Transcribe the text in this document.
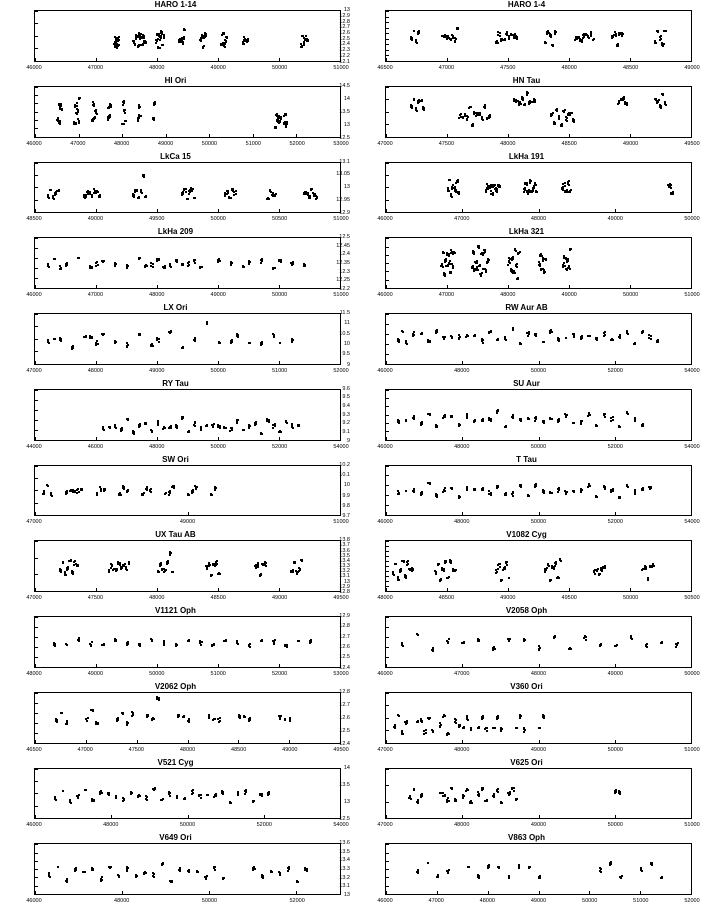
HARO 1-14
46000	47000	48000	49000	50000	51000
HARO 1-4
12.1
12.2
12.3
12.4
12.5
12.6
12.7
12.8
12.9
13
46500	47000	47500	48000	48500	49000
HI Ori
46000	47000	48000	49000	50000	51000	52000	53000
HN Tau
12.5
13
13.5
14
14.5
47000	47500	48000	48500	49000	49500
LkCa 15
48500	49000	49500	50000	50500	51000
LkHa 191
12.9
12.95
13
13.05
13.1
46000	47000	48000	49000	50000
LkHa 209
46000	47000	48000	49000	50000	51000
LkHa 321
12.2
12.25
12.3
12.35
12.4
12.45
12.5
46000	47000	48000	49000	50000	51000
LX Ori
47000	48000	49000	50000	51000	52000
RW Aur AB
9
9.5
10
10.5
11
11.5
46000	48000	50000	52000	54000
RY Tau
44000	46000	48000	50000	52000	54000
SU Aur
9
9.1
9.2
9.3
9.4
9.5
9.6
46000	48000	50000	52000	54000
SW Ori
47000	49000	51000
T Tau
9.7
9.8
9.9
10
10.1
10.2
46000	48000	50000	52000	54000
UX Tau AB
47000	47500	48000	48500	49000	49500
V1082 Cyg
12.8
12.9
13
13.1
13.2
13.3
13.4
13.5
13.6
13.7
13.8
48000	48500	49000	49500	50000	50500
V1121 Oph
48000	49000	50000	51000	52000	53000
V2058 Oph
12.4
12.5
12.6
12.7
12.8
12.9
46000	47000	48000	49000	50000
V2062 Oph
46500	47000	47500	48000	48500	49000	49500
V360 Ori
12.4
12.5
12.6
12.7
12.8
47000	48000	49000	50000	51000
V521 Cyg
46000	48000	50000	52000	54000
V625 Ori
12.5
13
13.5
14
47000	48000	49000	50000	51000
V649 Ori
46000	48000	50000	52000
V863 Oph
13
13.1
13.2
13.3
13.4
13.5
13.6
46000	47000	48000	49000	50000	51000	52000
